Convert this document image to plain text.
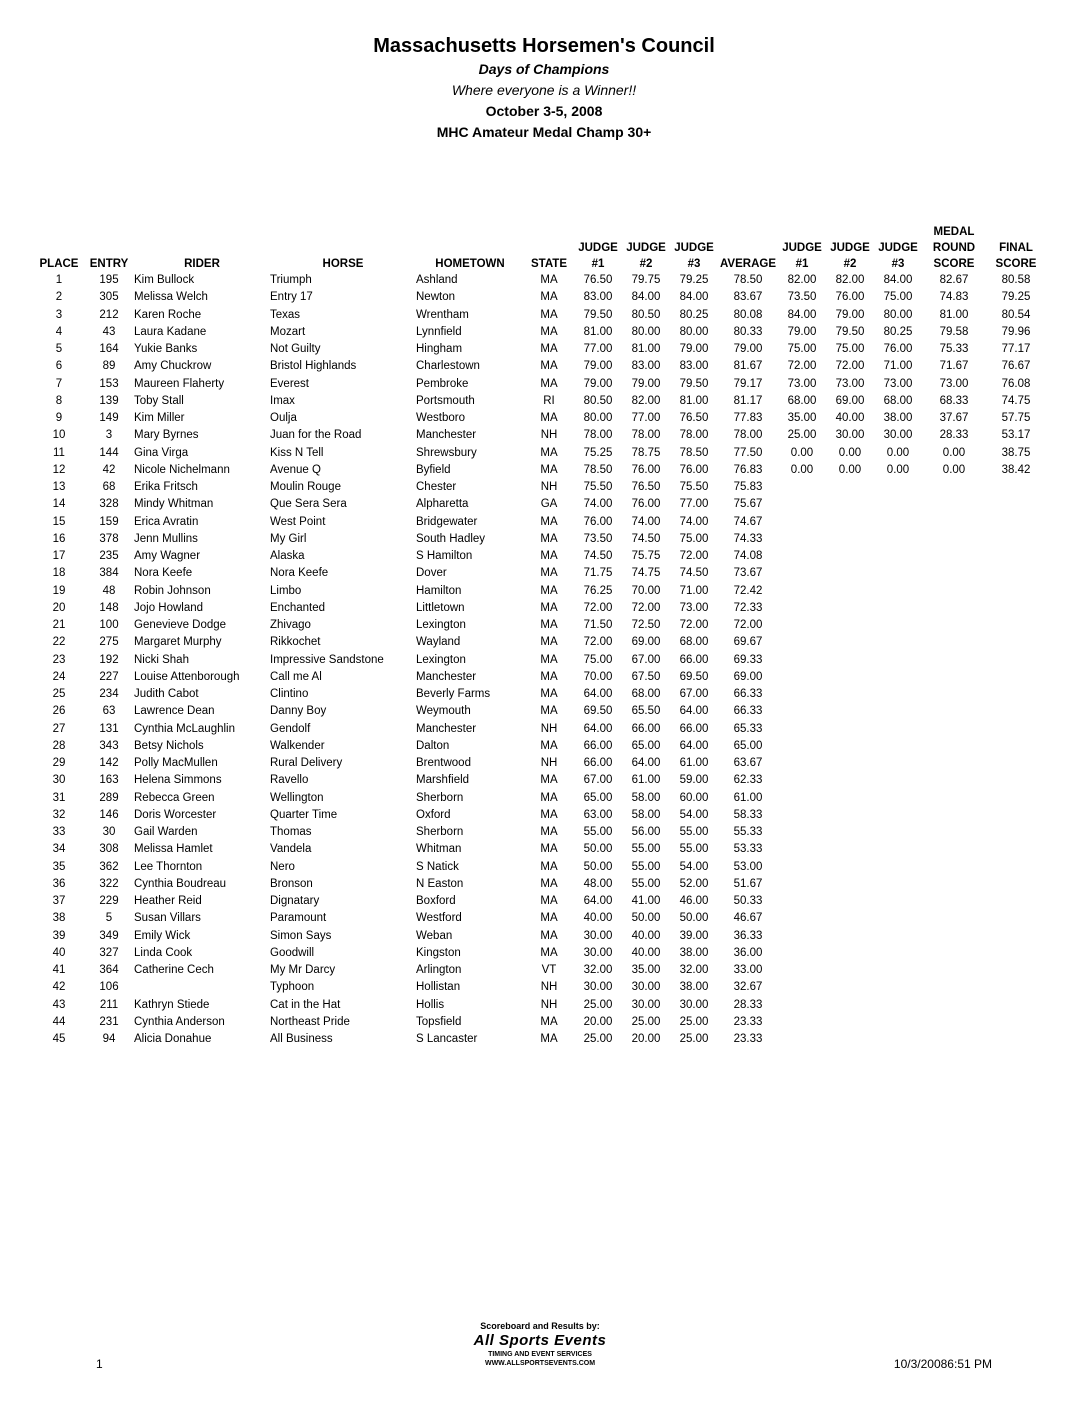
Massachusetts Horsemen's Council
Days of Champions
Where everyone is a Winner!!
October 3-5, 2008
MHC Amateur Medal Champ 30+
													MEDAL	
						JUDGE	JUDGE	JUDGE		JUDGE	JUDGE	JUDGE	ROUND	FINAL
PLACE	ENTRY	RIDER	HORSE	HOMETOWN	STATE	#1	#2	#3	AVERAGE	#1	#2	#3	SCORE	SCORE
1	195	Kim Bullock	Triumph	Ashland	MA	76.50	79.75	79.25	78.50	82.00	82.00	84.00	82.67	80.58
2	305	Melissa Welch	Entry 17	Newton	MA	83.00	84.00	84.00	83.67	73.50	76.00	75.00	74.83	79.25
3	212	Karen Roche	Texas	Wrentham	MA	79.50	80.50	80.25	80.08	84.00	79.00	80.00	81.00	80.54
4	43	Laura Kadane	Mozart	Lynnfield	MA	81.00	80.00	80.00	80.33	79.00	79.50	80.25	79.58	79.96
5	164	Yukie Banks	Not Guilty	Hingham	MA	77.00	81.00	79.00	79.00	75.00	75.00	76.00	75.33	77.17
6	89	Amy Chuckrow	Bristol Highlands	Charlestown	MA	79.00	83.00	83.00	81.67	72.00	72.00	71.00	71.67	76.67
7	153	Maureen Flaherty	Everest	Pembroke	MA	79.00	79.00	79.50	79.17	73.00	73.00	73.00	73.00	76.08
8	139	Toby Stall	Imax	Portsmouth	RI	80.50	82.00	81.00	81.17	68.00	69.00	68.00	68.33	74.75
9	149	Kim Miller	Oulja	Westboro	MA	80.00	77.00	76.50	77.83	35.00	40.00	38.00	37.67	57.75
10	3	Mary Byrnes	Juan for the Road	Manchester	NH	78.00	78.00	78.00	78.00	25.00	30.00	30.00	28.33	53.17
11	144	Gina Virga	Kiss N Tell	Shrewsbury	MA	75.25	78.75	78.50	77.50	0.00	0.00	0.00	0.00	38.75
12	42	Nicole Nichelmann	Avenue Q	Byfield	MA	78.50	76.00	76.00	76.83	0.00	0.00	0.00	0.00	38.42
13	68	Erika Fritsch	Moulin Rouge	Chester	NH	75.50	76.50	75.50	75.83					
14	328	Mindy Whitman	Que Sera Sera	Alpharetta	GA	74.00	76.00	77.00	75.67					
15	159	Erica Avratin	West Point	Bridgewater	MA	76.00	74.00	74.00	74.67					
16	378	Jenn Mullins	My Girl	South Hadley	MA	73.50	74.50	75.00	74.33					
17	235	Amy Wagner	Alaska	S Hamilton	MA	74.50	75.75	72.00	74.08					
18	384	Nora Keefe	Nora Keefe	Dover	MA	71.75	74.75	74.50	73.67					
19	48	Robin Johnson	Limbo	Hamilton	MA	76.25	70.00	71.00	72.42					
20	148	Jojo Howland	Enchanted	Littletown	MA	72.00	72.00	73.00	72.33					
21	100	Genevieve Dodge	Zhivago	Lexington	MA	71.50	72.50	72.00	72.00					
22	275	Margaret Murphy	Rikkochet	Wayland	MA	72.00	69.00	68.00	69.67					
23	192	Nicki Shah	Impressive Sandstone	Lexington	MA	75.00	67.00	66.00	69.33					
24	227	Louise Attenborough	Call me Al	Manchester	MA	70.00	67.50	69.50	69.00					
25	234	Judith Cabot	Clintino	Beverly Farms	MA	64.00	68.00	67.00	66.33					
26	63	Lawrence Dean	Danny Boy	Weymouth	MA	69.50	65.50	64.00	66.33					
27	131	Cynthia McLaughlin	Gendolf	Manchester	NH	64.00	66.00	66.00	65.33					
28	343	Betsy Nichols	Walkender	Dalton	MA	66.00	65.00	64.00	65.00					
29	142	Polly MacMullen	Rural Delivery	Brentwood	NH	66.00	64.00	61.00	63.67					
30	163	Helena Simmons	Ravello	Marshfield	MA	67.00	61.00	59.00	62.33					
31	289	Rebecca Green	Wellington	Sherborn	MA	65.00	58.00	60.00	61.00					
32	146	Doris Worcester	Quarter Time	Oxford	MA	63.00	58.00	54.00	58.33					
33	30	Gail Warden	Thomas	Sherborn	MA	55.00	56.00	55.00	55.33					
34	308	Melissa Hamlet	Vandela	Whitman	MA	50.00	55.00	55.00	53.33					
35	362	Lee Thornton	Nero	S Natick	MA	50.00	55.00	54.00	53.00					
36	322	Cynthia Boudreau	Bronson	N Easton	MA	48.00	55.00	52.00	51.67					
37	229	Heather Reid	Dignatary	Boxford	MA	64.00	41.00	46.00	50.33					
38	5	Susan Villars	Paramount	Westford	MA	40.00	50.00	50.00	46.67					
39	349	Emily Wick	Simon Says	Weban	MA	30.00	40.00	39.00	36.33					
40	327	Linda Cook	Goodwill	Kingston	MA	30.00	40.00	38.00	36.00					
41	364	Catherine Cech	My Mr Darcy	Arlington	VT	32.00	35.00	32.00	33.00					
42	106		Typhoon	Hollistan	NH	30.00	30.00	38.00	32.67					
43	211	Kathryn Stiede	Cat in the Hat	Hollis	NH	25.00	30.00	30.00	28.33					
44	231	Cynthia Anderson	Northeast Pride	Topsfield	MA	20.00	25.00	25.00	23.33					
45	94	Alicia Donahue	All Business	S Lancaster	MA	25.00	20.00	25.00	23.33					
Scoreboard and Results by:
All Sports Events
TIMING AND EVENT SERVICES
WWW.ALLSPORTSEVENTS.COM
1	10/3/20086:51 PM
